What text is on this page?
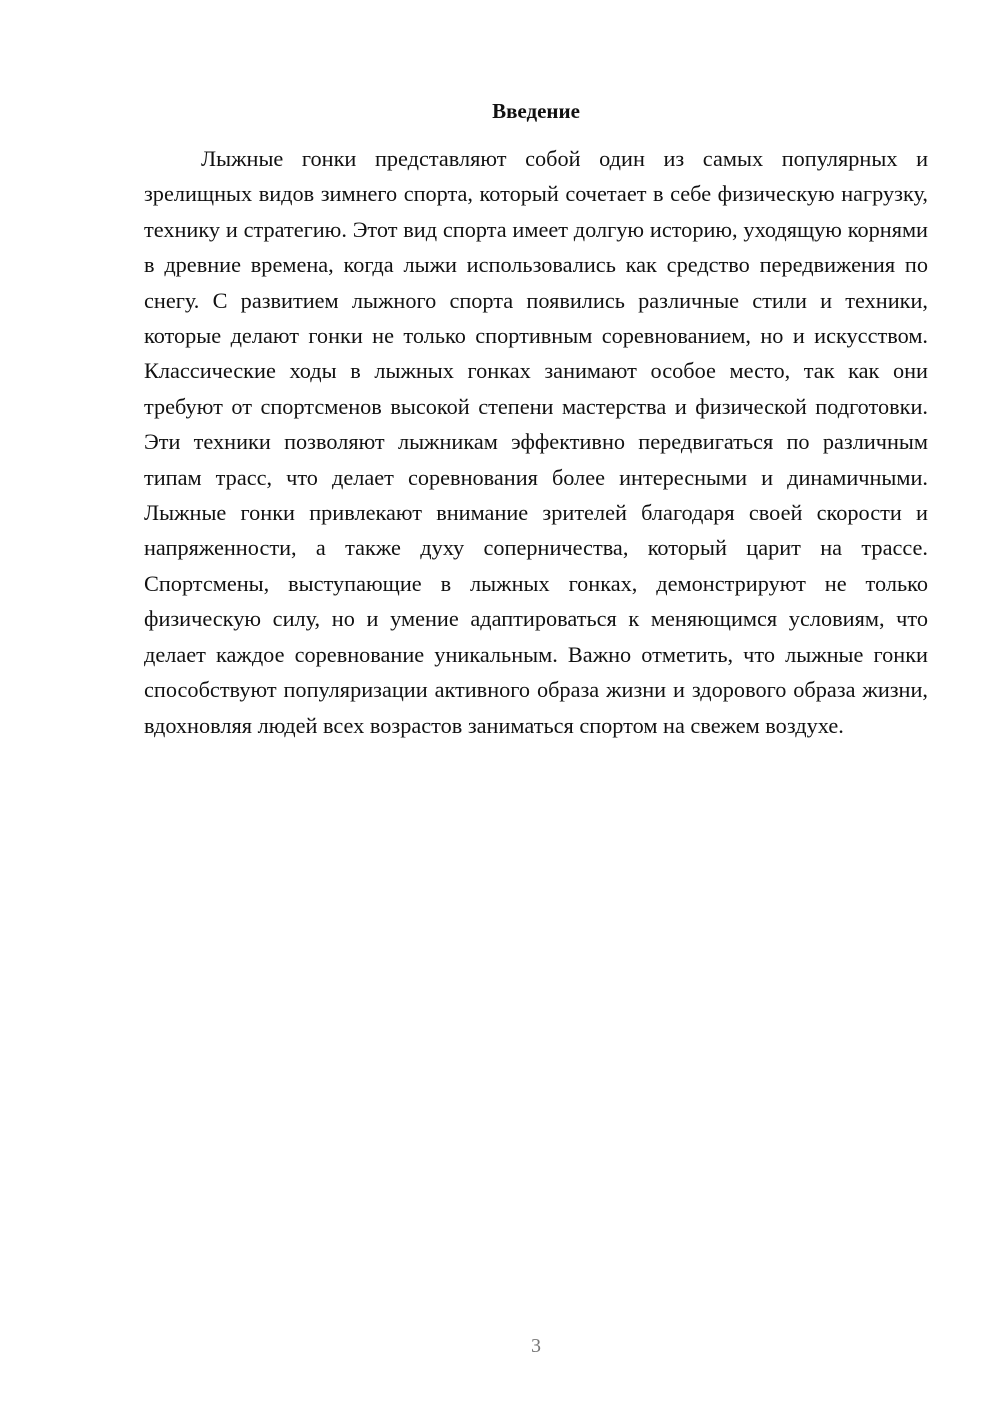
Введение

Лыжные гонки представляют собой один из самых популярных и зрелищных видов зимнего спорта, который сочетает в себе физическую нагрузку, технику и стратегию. Этот вид спорта имеет долгую историю, уходящую корнями в древние времена, когда лыжи использовались как средство передвижения по снегу. С развитием лыжного спорта появились различные стили и техники, которые делают гонки не только спортивным соревнованием, но и искусством. Классические ходы в лыжных гонках занимают особое место, так как они требуют от спортсменов высокой степени мастерства и физической подготовки. Эти техники позволяют лыжникам эффективно передвигаться по различным типам трасс, что делает соревнования более интересными и динамичными. Лыжные гонки привлекают внимание зрителей благодаря своей скорости и напряженности, а также духу соперничества, который царит на трассе. Спортсмены, выступающие в лыжных гонках, демонстрируют не только физическую силу, но и умение адаптироваться к меняющимся условиям, что делает каждое соревнование уникальным. Важно отметить, что лыжные гонки способствуют популяризации активного образа жизни и здорового образа жизни, вдохновляя людей всех возрастов заниматься спортом на свежем воздухе.

3
